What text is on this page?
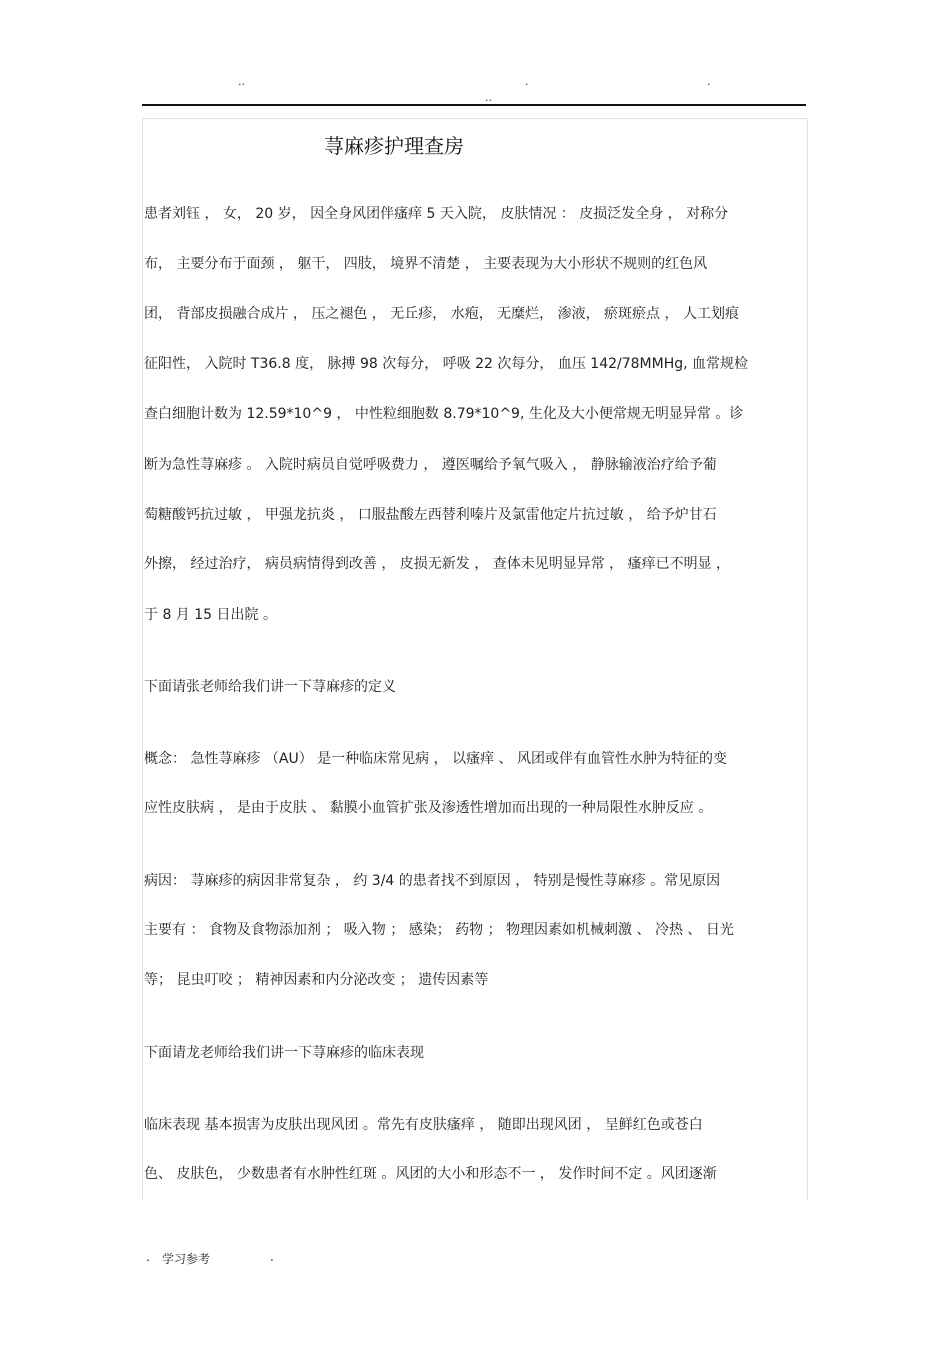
..	.	.
..
荨麻疹护理查房
患者刘钰 ， 女， 20 岁， 因全身风团伴瘙痒 5 天入院， 皮肤情况 ： 皮损泛发全身 ， 对称分
布， 主要分布于面颈 ， 躯干， 四肢， 境界不清楚 ， 主要表现为大小形状不规则的红色风
团， 背部皮损融合成片 ， 压之褪色 ， 无丘疹， 水疱， 无糜烂， 渗液， 瘀斑瘀点 ， 人工划痕
征阳性， 入院时 T36.8 度， 脉搏 98 次每分， 呼吸 22 次每分， 血压 142/78MMHg, 血常规检
查白细胞计数为 12.59*10^9 ， 中性粒细胞数 8.79*10^9, 生化及大小便常规无明显异常 。诊
断为急性荨麻疹 。 入院时病员自觉呼吸费力 ， 遵医嘱给予氧气吸入 ， 静脉输液治疗给予葡
萄糖酸钙抗过敏 ， 甲强龙抗炎 ， 口服盐酸左西替利嗪片及氯雷他定片抗过敏 ， 给予炉甘石
外擦， 经过治疗， 病员病情得到改善 ， 皮损无新发 ， 查体未见明显异常 ， 瘙痒已不明显 ，
于 8 月 15 日出院 。
下面请张老师给我们讲一下荨麻疹的定义
概念： 急性荨麻疹 （AU） 是一种临床常见病 ， 以瘙痒 、 风团或伴有血管性水肿为特征的变
应性皮肤病 ， 是由于皮肤 、 黏膜小血管扩张及渗透性增加而出现的一种局限性水肿反应 。
病因： 荨麻疹的病因非常复杂 ， 约 3/4 的患者找不到原因 ， 特别是慢性荨麻疹 。常见原因
主要有 ： 食物及食物添加剂 ； 吸入物 ； 感染； 药物 ； 物理因素如机械刺激 、 冷热 、 日光
等； 昆虫叮咬 ； 精神因素和内分泌改变 ； 遗传因素等
下面请龙老师给我们讲一下荨麻疹的临床表现
临床表现 基本损害为皮肤出现风团 。常先有皮肤瘙痒 ， 随即出现风团 ， 呈鲜红色或苍白
色、 皮肤色， 少数患者有水肿性红斑 。风团的大小和形态不一 ， 发作时间不定 。风团逐渐
. 学习参考	.
